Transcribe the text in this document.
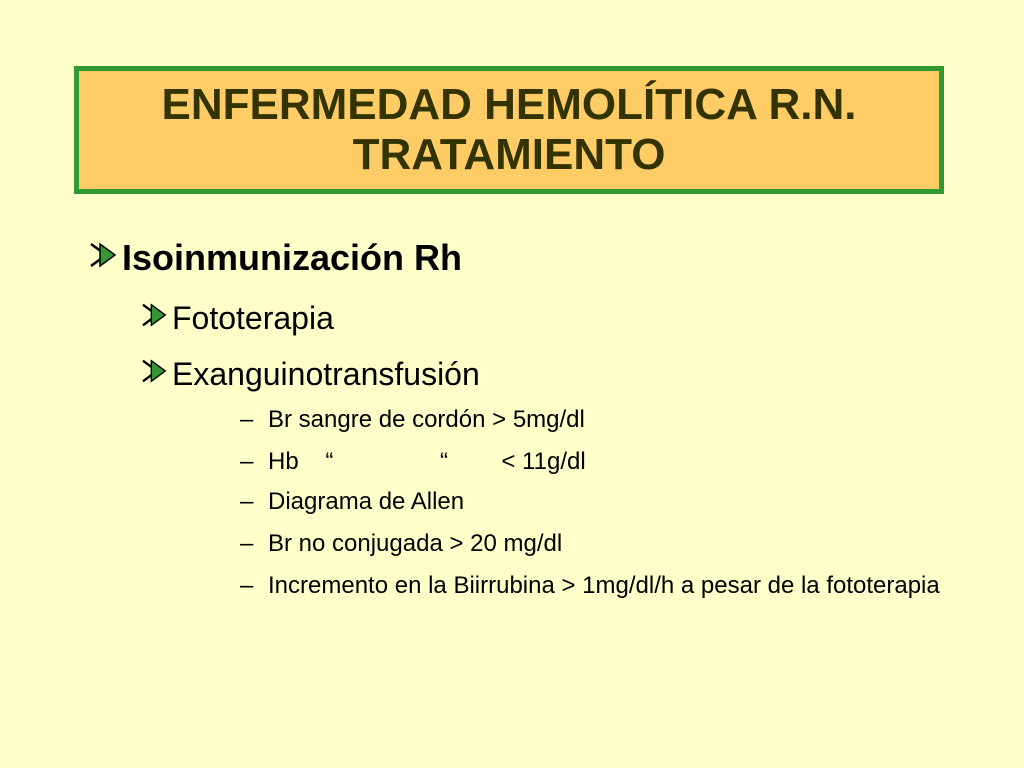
ENFERMEDAD HEMOLÍTICA R.N.
TRATAMIENTO
Isoinmunización Rh
Fototerapia
Exanguinotransfusión
– Br sangre de cordón > 5mg/dl
– Hb    “                “        < 11g/dl
– Diagrama de Allen
– Br no conjugada > 20 mg/dl
– Incremento en la Biirrubina > 1mg/dl/h a pesar de la fototerapia
